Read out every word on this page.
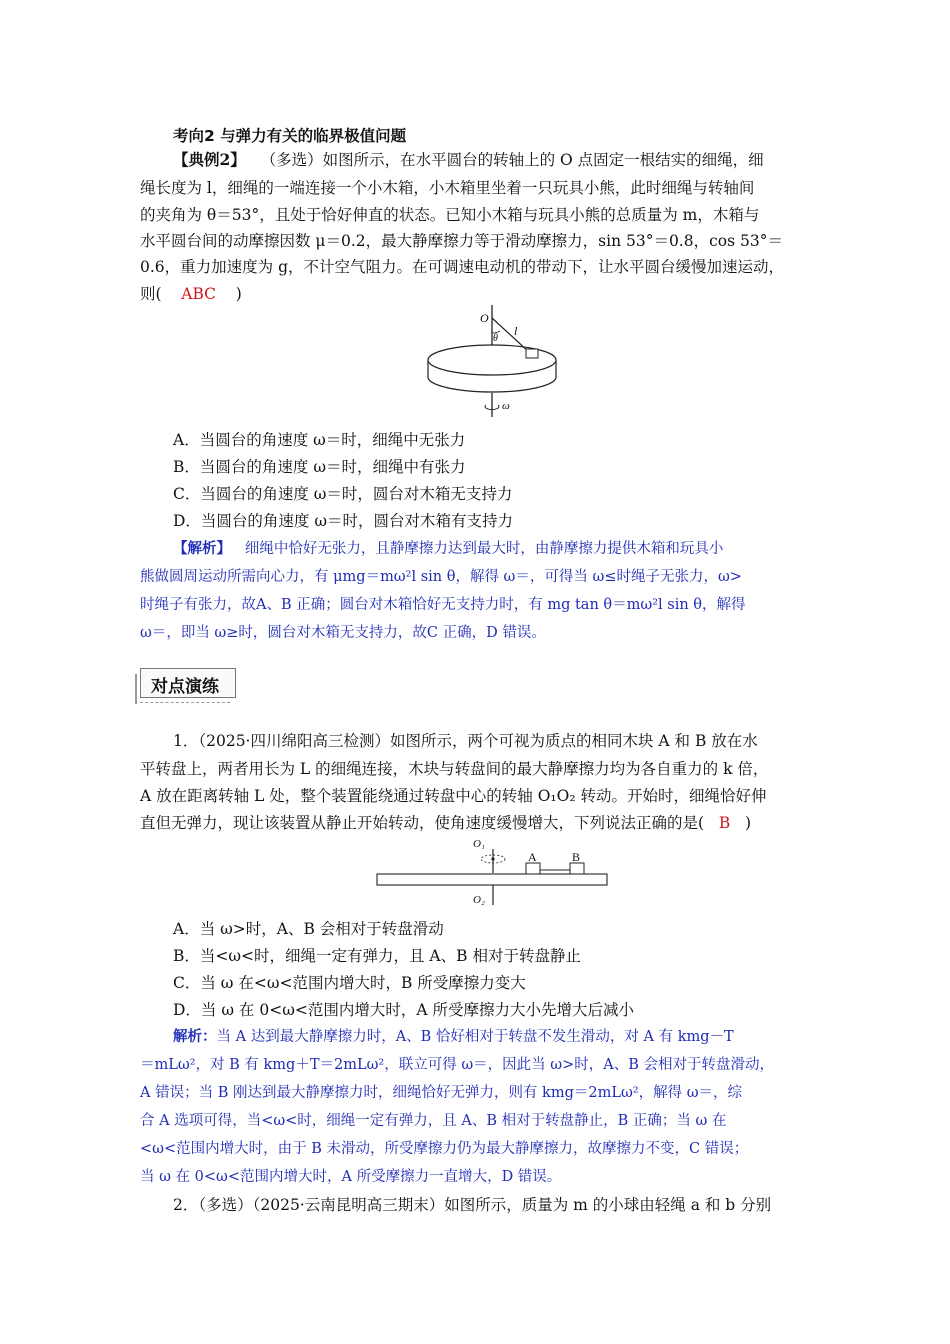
考向2 与弹力有关的临界极值问题
【典例2】 （多选）如图所示，在水平圆台的转轴上的 O 点固定一根结实的细绳，细
绳长度为 l，细绳的一端连接一个小木箱，小木箱里坐着一只玩具小熊，此时细绳与转轴间
的夹角为 θ＝53°，且处于恰好伸直的状态。已知小木箱与玩具小熊的总质量为 m，木箱与
水平圆台间的动摩擦因数 μ＝0.2，最大静摩擦力等于滑动摩擦力，sin 53°＝0.8，cos 53°＝
0.6，重力加速度为 g，不计空气阻力。在可调速电动机的带动下，让水平圆台缓慢加速运动，
则( ABC )
O
θ
l
ω
A．当圆台的角速度 ω＝时，细绳中无张力
B．当圆台的角速度 ω＝时，细绳中有张力
C．当圆台的角速度 ω＝时，圆台对木箱无支持力
D．当圆台的角速度 ω＝时，圆台对木箱有支持力
【解析】 细绳中恰好无张力，且静摩擦力达到最大时，由静摩擦力提供木箱和玩具小
熊做圆周运动所需向心力，有 μmg＝mω²l sin θ，解得 ω＝，可得当 ω≤时绳子无张力，ω>
时绳子有张力，故A、B 正确；圆台对木箱恰好无支持力时，有 mg tan θ＝mω²l sin θ，解得
ω＝，即当 ω≥时，圆台对木箱无支持力，故C 正确，D 错误。
对点演练
1．（2025·四川绵阳高三检测）如图所示，两个可视为质点的相同木块 A 和 B 放在水
平转盘上，两者用长为 L 的细绳连接，木块与转盘间的最大静摩擦力均为各自重力的 k 倍，
A 放在距离转轴 L 处，整个装置能绕通过转盘中心的转轴 O₁O₂ 转动。开始时，细绳恰好伸
直但无弹力，现让该装置从静止开始转动，使角速度缓慢增大，下列说法正确的是( B )
O₁
O₂
A	B
A．当 ω>时，A、B 会相对于转盘滑动
B．当<ω<时，细绳一定有弹力，且 A、B 相对于转盘静止
C．当 ω 在<ω<范围内增大时，B 所受摩擦力变大
D．当 ω 在 0<ω<范围内增大时，A 所受摩擦力大小先增大后减小
解析：当 A 达到最大静摩擦力时，A、B 恰好相对于转盘不发生滑动，对 A 有 kmg－T
＝mLω²，对 B 有 kmg＋T＝2mLω²，联立可得 ω＝，因此当 ω>时，A、B 会相对于转盘滑动，
A 错误；当 B 刚达到最大静摩擦力时，细绳恰好无弹力，则有 kmg＝2mLω²，解得 ω＝，综
合 A 选项可得，当<ω<时，细绳一定有弹力，且 A、B 相对于转盘静止，B 正确；当 ω 在
<ω<范围内增大时，由于 B 未滑动，所受摩擦力仍为最大静摩擦力，故摩擦力不变，C 错误；
当 ω 在 0<ω<范围内增大时，A 所受摩擦力一直增大，D 错误。
2．（多选）（2025·云南昆明高三期末）如图所示，质量为 m 的小球由轻绳 a 和 b 分别
